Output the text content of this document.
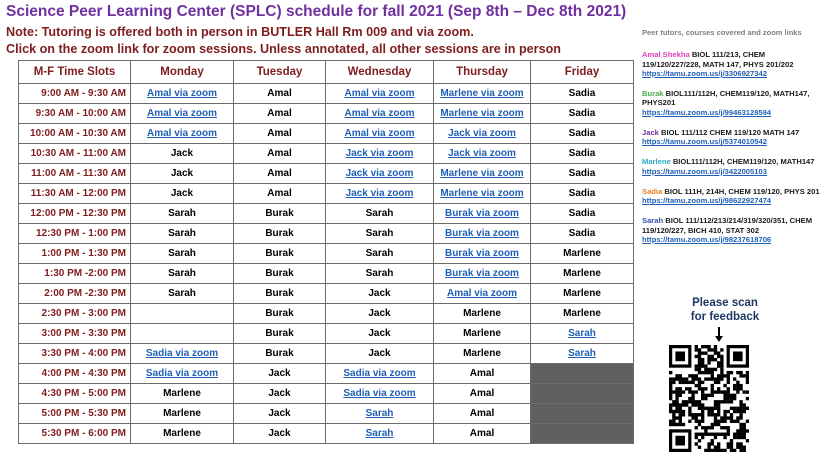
Science Peer Learning Center (SPLC) schedule for fall 2021 (Sep 8th – Dec 8th 2021)
Note: Tutoring is offered both in person in BUTLER Hall Rm 009 and via zoom.
Click on the zoom link for zoom sessions. Unless annotated, all other sessions are in person
M-F Time Slots	Monday	Tuesday	Wednesday	Thursday	Friday
9:00 AM - 9:30 AM	Amal via zoom	Amal	Amal via zoom	Marlene via zoom	Sadia
9:30 AM - 10:00 AM	Amal via zoom	Amal	Amal via zoom	Marlene via zoom	Sadia
10:00 AM - 10:30 AM	Amal via zoom	Amal	Amal via zoom	Jack via zoom	Sadia
10:30 AM - 11:00 AM	Jack	Amal	Jack via zoom	Jack via zoom	Sadia
11:00 AM - 11:30 AM	Jack	Amal	Jack via zoom	Marlene via zoom	Sadia
11:30 AM - 12:00 PM	Jack	Amal	Jack via zoom	Marlene via zoom	Sadia
12:00 PM - 12:30 PM	Sarah	Burak	Sarah	Burak via zoom	Sadia
12:30 PM - 1:00 PM	Sarah	Burak	Sarah	Burak via zoom	Sadia
1:00 PM - 1:30 PM	Sarah	Burak	Sarah	Burak via zoom	Marlene
1:30 PM -2:00 PM	Sarah	Burak	Sarah	Burak via zoom	Marlene
2:00 PM -2:30 PM	Sarah	Burak	Jack	Amal via zoom	Marlene
2:30 PM - 3:00 PM		Burak	Jack	Marlene	Marlene
3:00 PM - 3:30 PM		Burak	Jack	Marlene	Sarah
3:30 PM - 4:00 PM	Sadia via zoom	Burak	Jack	Marlene	Sarah
4:00 PM - 4:30 PM	Sadia via zoom	Jack	Sadia via zoom	Amal	
4:30 PM - 5:00 PM	Marlene	Jack	Sadia via zoom	Amal	
5:00 PM - 5:30 PM	Marlene	Jack	Sarah	Amal	
5:30 PM - 6:00 PM	Marlene	Jack	Sarah	Amal	
Peer tutors, courses covered and zoom links
Amal Shekha BIOL 111/213, CHEM 119/120/227/228, MATH 147, PHYS 201/202
https://tamu.zoom.us/j/3306927342
Burak BIOL111/112H, CHEM119/120, MATH147, PHYS201
https://tamu.zoom.us/j/99463128594
Jack BIOL 111/112 CHEM 119/120 MATH 147
https://tamu.zoom.us/j/5374010542
Marlene BIOL111/112H, CHEM119/120, MATH147
https://tamu.zoom.us/j/3422005103
Sadia BIOL 111H, 214H, CHEM 119/120, PHYS 201
https://tamu.zoom.us/j/98622927474
Sarah BIOL 111/112/213/214/319/320/351, CHEM 119/120/227, BICH 410, STAT 302
https://tamu.zoom.us/j/98237618706
Please scan
for feedback
